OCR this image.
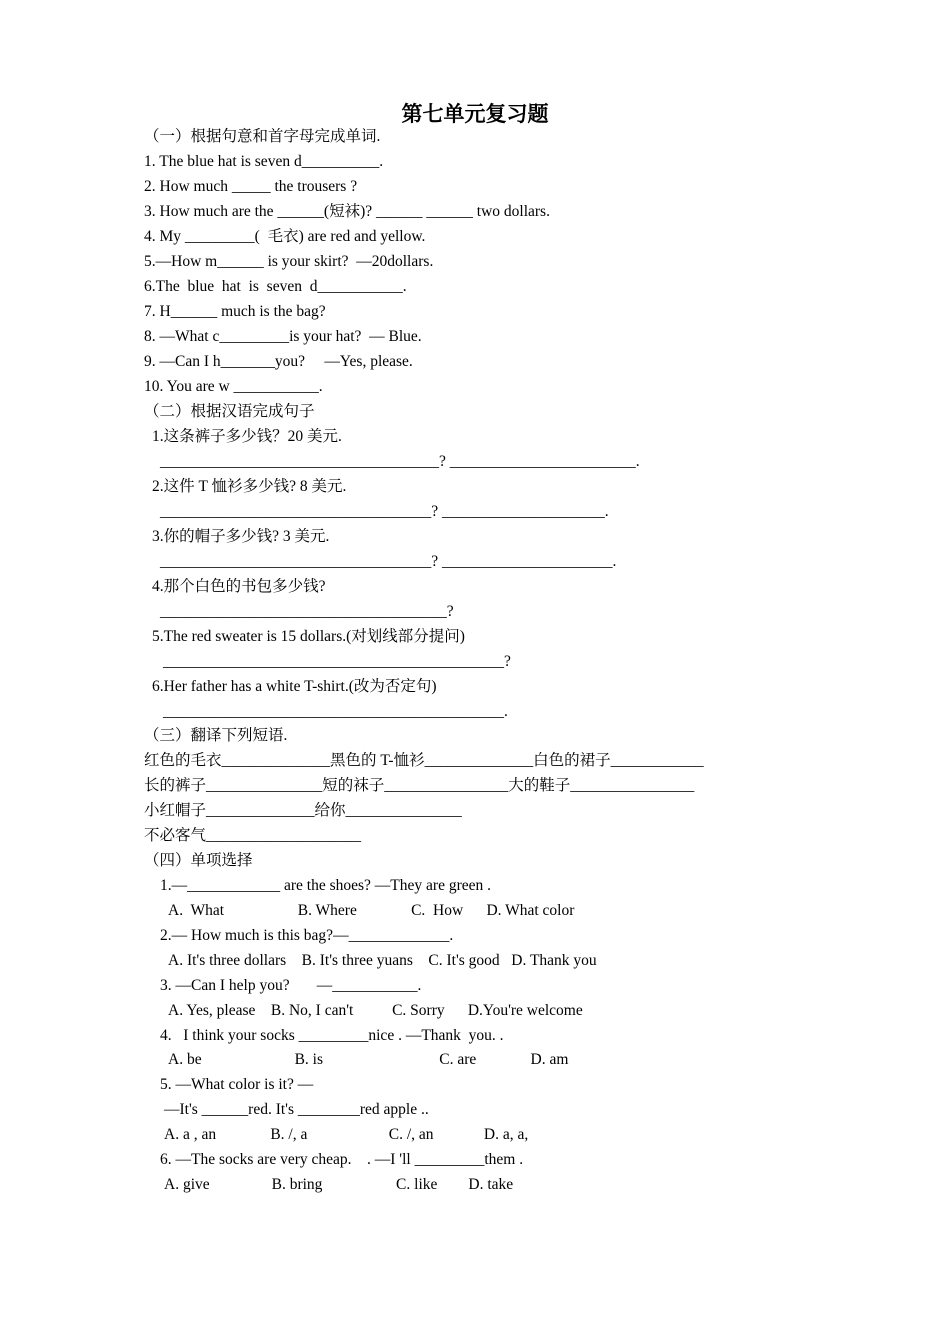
第七单元复习题
（一）根据句意和首字母完成单词.
1. The blue hat is seven d__________.
2. How much _____ the trousers ?
3. How much are the ______(短袜)? ______ ______ two dollars.
4. My _________(  毛衣) are red and yellow.
5.—How m______ is your skirt?  —20dollars.
6.The  blue  hat  is  seven  d___________.
7. H______ much is the bag?
8. —What c_________is your hat?  — Blue.
9. —Can I h_______you?     —Yes, please.
10. You are w ___________.
（二）根据汉语完成句子
1.这条裤子多少钱？20 美元.
____________________________________? ________________________.
2.这件 T 恤衫多少钱? 8 美元.
___________________________________? _____________________.
3.你的帽子多少钱? 3 美元.
___________________________________? ______________________.
4.那个白色的书包多少钱?
_____________________________________?
5.The red sweater is 15 dollars.(对划线部分提问)
____________________________________________?
6.Her father has a white T-shirt.(改为否定句)
____________________________________________.
（三）翻译下列短语.
红色的毛衣______________黑色的 T-恤衫______________白色的裙子____________
长的裤子_______________短的袜子________________大的鞋子________________
小红帽子______________给你_______________
不必客气____________________
（四）单项选择
1.—____________ are the shoes? —They are green .
A.  What                   B. Where              C.  How      D. What color
2.— How much is this bag?—_____________.
A. It's three dollars    B. It's three yuans    C. It's good   D. Thank you
3. —Can I help you?       —___________.
A. Yes, please    B. No, I can't          C. Sorry      D.You're welcome
4.   I think your socks _________nice . —Thank  you. .
A. be                        B. is                              C. are              D. am
5. —What color is it? —
—It's ______red. It's ________red apple ..
A. a , an              B. /, a                     C. /, an             D. a, a,
6. —The socks are very cheap.    . —I 'll _________them .
A. give                B. bring                   C. like        D. take
